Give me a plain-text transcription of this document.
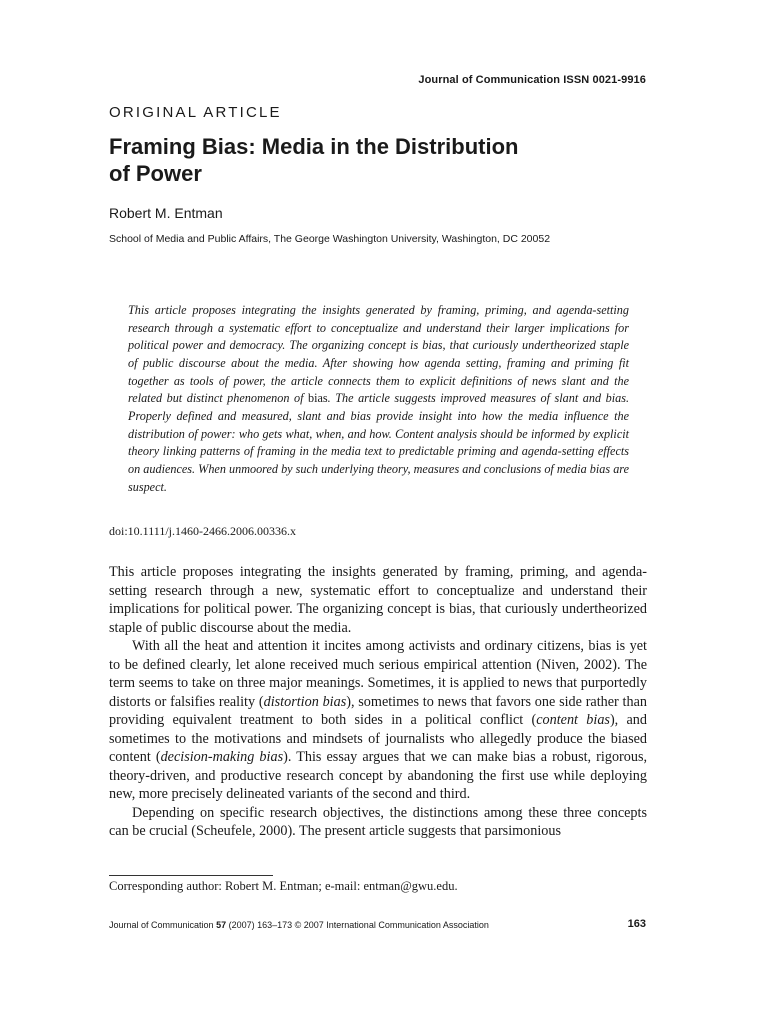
Journal of Communication ISSN 0021-9916
ORIGINAL ARTICLE
Framing Bias: Media in the Distribution
of Power
Robert M. Entman
School of Media and Public Affairs, The George Washington University, Washington, DC 20052

This article proposes integrating the insights generated by framing, priming, and agenda-setting research through a systematic effort to conceptualize and understand their larger implications for political power and democracy. The organizing concept is bias, that curiously undertheorized staple of public discourse about the media. After showing how agenda setting, framing and priming fit together as tools of power, the article connects them to explicit definitions of news slant and the related but distinct phenomenon of bias. The article suggests improved measures of slant and bias. Properly defined and measured, slant and bias provide insight into how the media influence the distribution of power: who gets what, when, and how. Content analysis should be informed by explicit theory linking patterns of framing in the media text to predictable priming and agenda-setting effects on audiences. When unmoored by such underlying theory, measures and conclusions of media bias are suspect.

doi:10.1111/j.1460-2466.2006.00336.x

This article proposes integrating the insights generated by framing, priming, and agenda-setting research through a new, systematic effort to conceptualize and understand their implications for political power. The organizing concept is bias, that curiously undertheorized staple of public discourse about the media.

With all the heat and attention it incites among activists and ordinary citizens, bias is yet to be defined clearly, let alone received much serious empirical attention (Niven, 2002). The term seems to take on three major meanings. Sometimes, it is applied to news that purportedly distorts or falsifies reality (distortion bias), sometimes to news that favors one side rather than providing equivalent treatment to both sides in a political conflict (content bias), and sometimes to the motivations and mindsets of journalists who allegedly produce the biased content (decision-making bias). This essay argues that we can make bias a robust, rigorous, theory-driven, and productive research concept by abandoning the first use while deploying new, more precisely delineated variants of the second and third.

Depending on specific research objectives, the distinctions among these three concepts can be crucial (Scheufele, 2000). The present article suggests that parsimonious

Corresponding author: Robert M. Entman; e-mail: entman@gwu.edu.
Journal of Communication 57 (2007) 163–173 © 2007 International Communication Association	163
